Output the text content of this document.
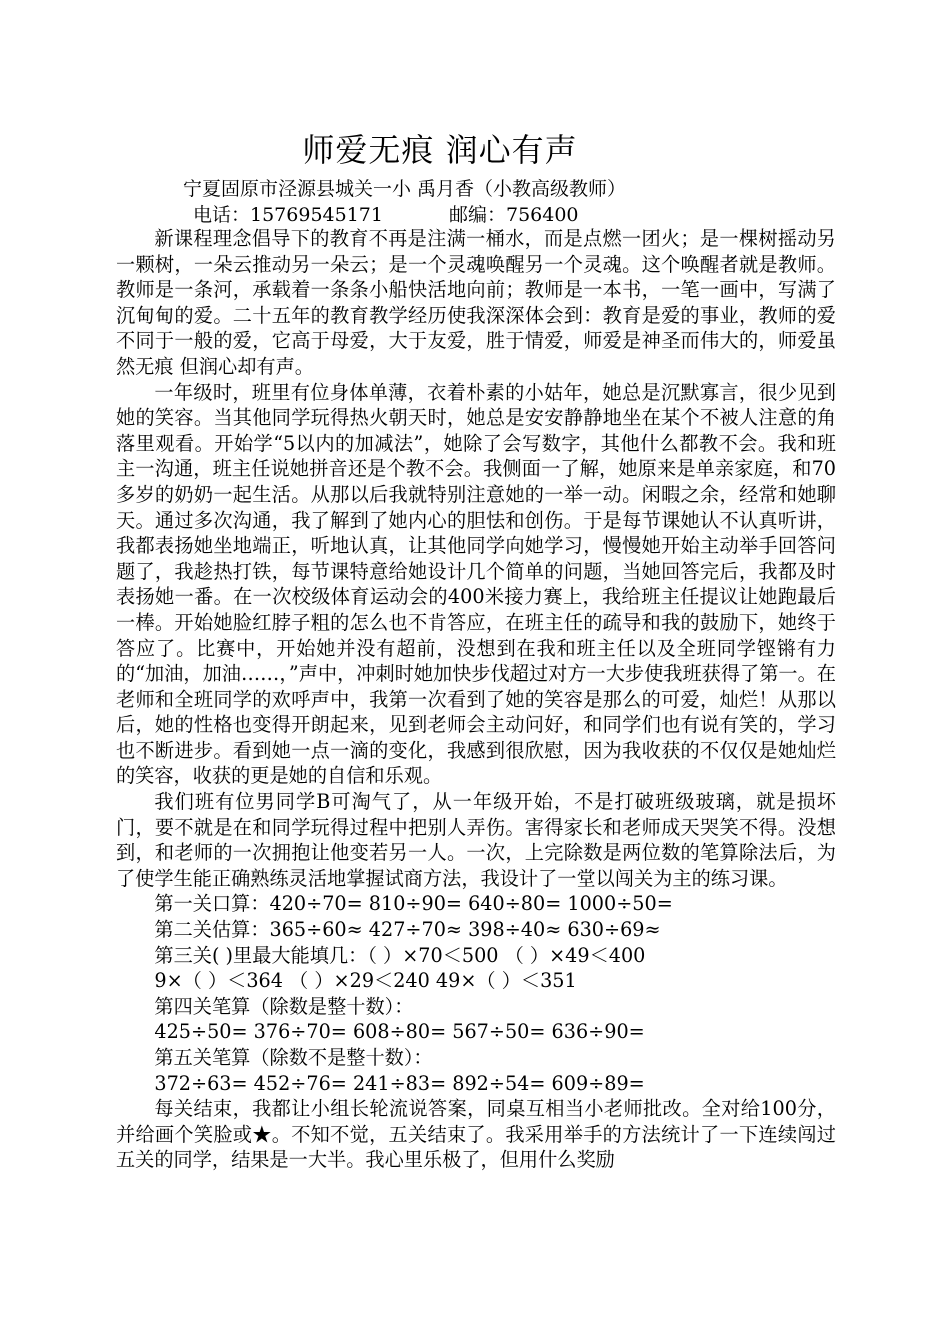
师爱无痕 润心有声
宁夏固原市泾源县城关一小 禹月香（小教高级教师）
电话：15769545171	邮编：756400

新课程理念倡导下的教育不再是注满一桶水，而是点燃一团火；是一棵树摇动另一颗树，一朵云推动另一朵云；是一个灵魂唤醒另一个灵魂。这个唤醒者就是教师。教师是一条河，承载着一条条小船快活地向前；教师是一本书，一笔一画中，写满了沉甸甸的爱。二十五年的教育教学经历使我深深体会到：教育是爱的事业，教师的爱不同于一般的爱，它高于母爱，大于友爱，胜于情爱，师爱是神圣而伟大的，师爱虽然无痕 但润心却有声。

一年级时，班里有位身体单薄，衣着朴素的小姑年，她总是沉默寡言，很少见到她的笑容。当其他同学玩得热火朝天时，她总是安安静静地坐在某个不被人注意的角落里观看。开始学“5以内的加减法”，她除了会写数字，其他什么都教不会。我和班主一沟通，班主任说她拼音还是个教不会。我侧面一了解，她原来是单亲家庭，和70多岁的奶奶一起生活。从那以后我就特别注意她的一举一动。闲暇之余，经常和她聊天。通过多次沟通，我了解到了她内心的胆怯和创伤。于是每节课她认不认真听讲，我都表扬她坐地端正，听地认真，让其他同学向她学习，慢慢她开始主动举手回答问题了，我趁热打铁，每节课特意给她设计几个简单的问题，当她回答完后，我都及时表扬她一番。在一次校级体育运动会的400米接力赛上，我给班主任提议让她跑最后一棒。开始她脸红脖子粗的怎么也不肯答应，在班主任的疏导和我的鼓励下，她终于答应了。比赛中，开始她并没有超前，没想到在我和班主任以及全班同学铿锵有力的“加油，加油……，”声中，冲刺时她加快步伐超过对方一大步使我班获得了第一。在老师和全班同学的欢呼声中，我第一次看到了她的笑容是那么的可爱，灿烂！从那以后，她的性格也变得开朗起来，见到老师会主动问好，和同学们也有说有笑的，学习也不断进步。看到她一点一滴的变化，我感到很欣慰，因为我收获的不仅仅是她灿烂的笑容，收获的更是她的自信和乐观。

我们班有位男同学B可淘气了，从一年级开始，不是打破班级玻璃，就是损坏门，要不就是在和同学玩得过程中把别人弄伤。害得家长和老师成天哭笑不得。没想到，和老师的一次拥抱让他变若另一人。一次，上完除数是两位数的笔算除法后，为了使学生能正确熟练灵活地掌握试商方法，我设计了一堂以闯关为主的练习课。

第一关口算：420÷70= 810÷90= 640÷80= 1000÷50=

第二关估算：365÷60≈ 427÷70≈ 398÷40≈ 630÷69≈

第三关( )里最大能填几：（ ）×70＜500 （ ）×49＜400

9×（ ）＜364 （ ）×29＜240 49×（ ）＜351

第四关笔算（除数是整十数）：

425÷50= 376÷70= 608÷80= 567÷50= 636÷90=

第五关笔算（除数不是整十数）：

372÷63= 452÷76= 241÷83= 892÷54= 609÷89=

每关结束，我都让小组长轮流说答案，同桌互相当小老师批改。全对给100分，并给画个笑脸或★。不知不觉，五关结束了。我采用举手的方法统计了一下连续闯过五关的同学，结果是一大半。我心里乐极了，但用什么奖励
